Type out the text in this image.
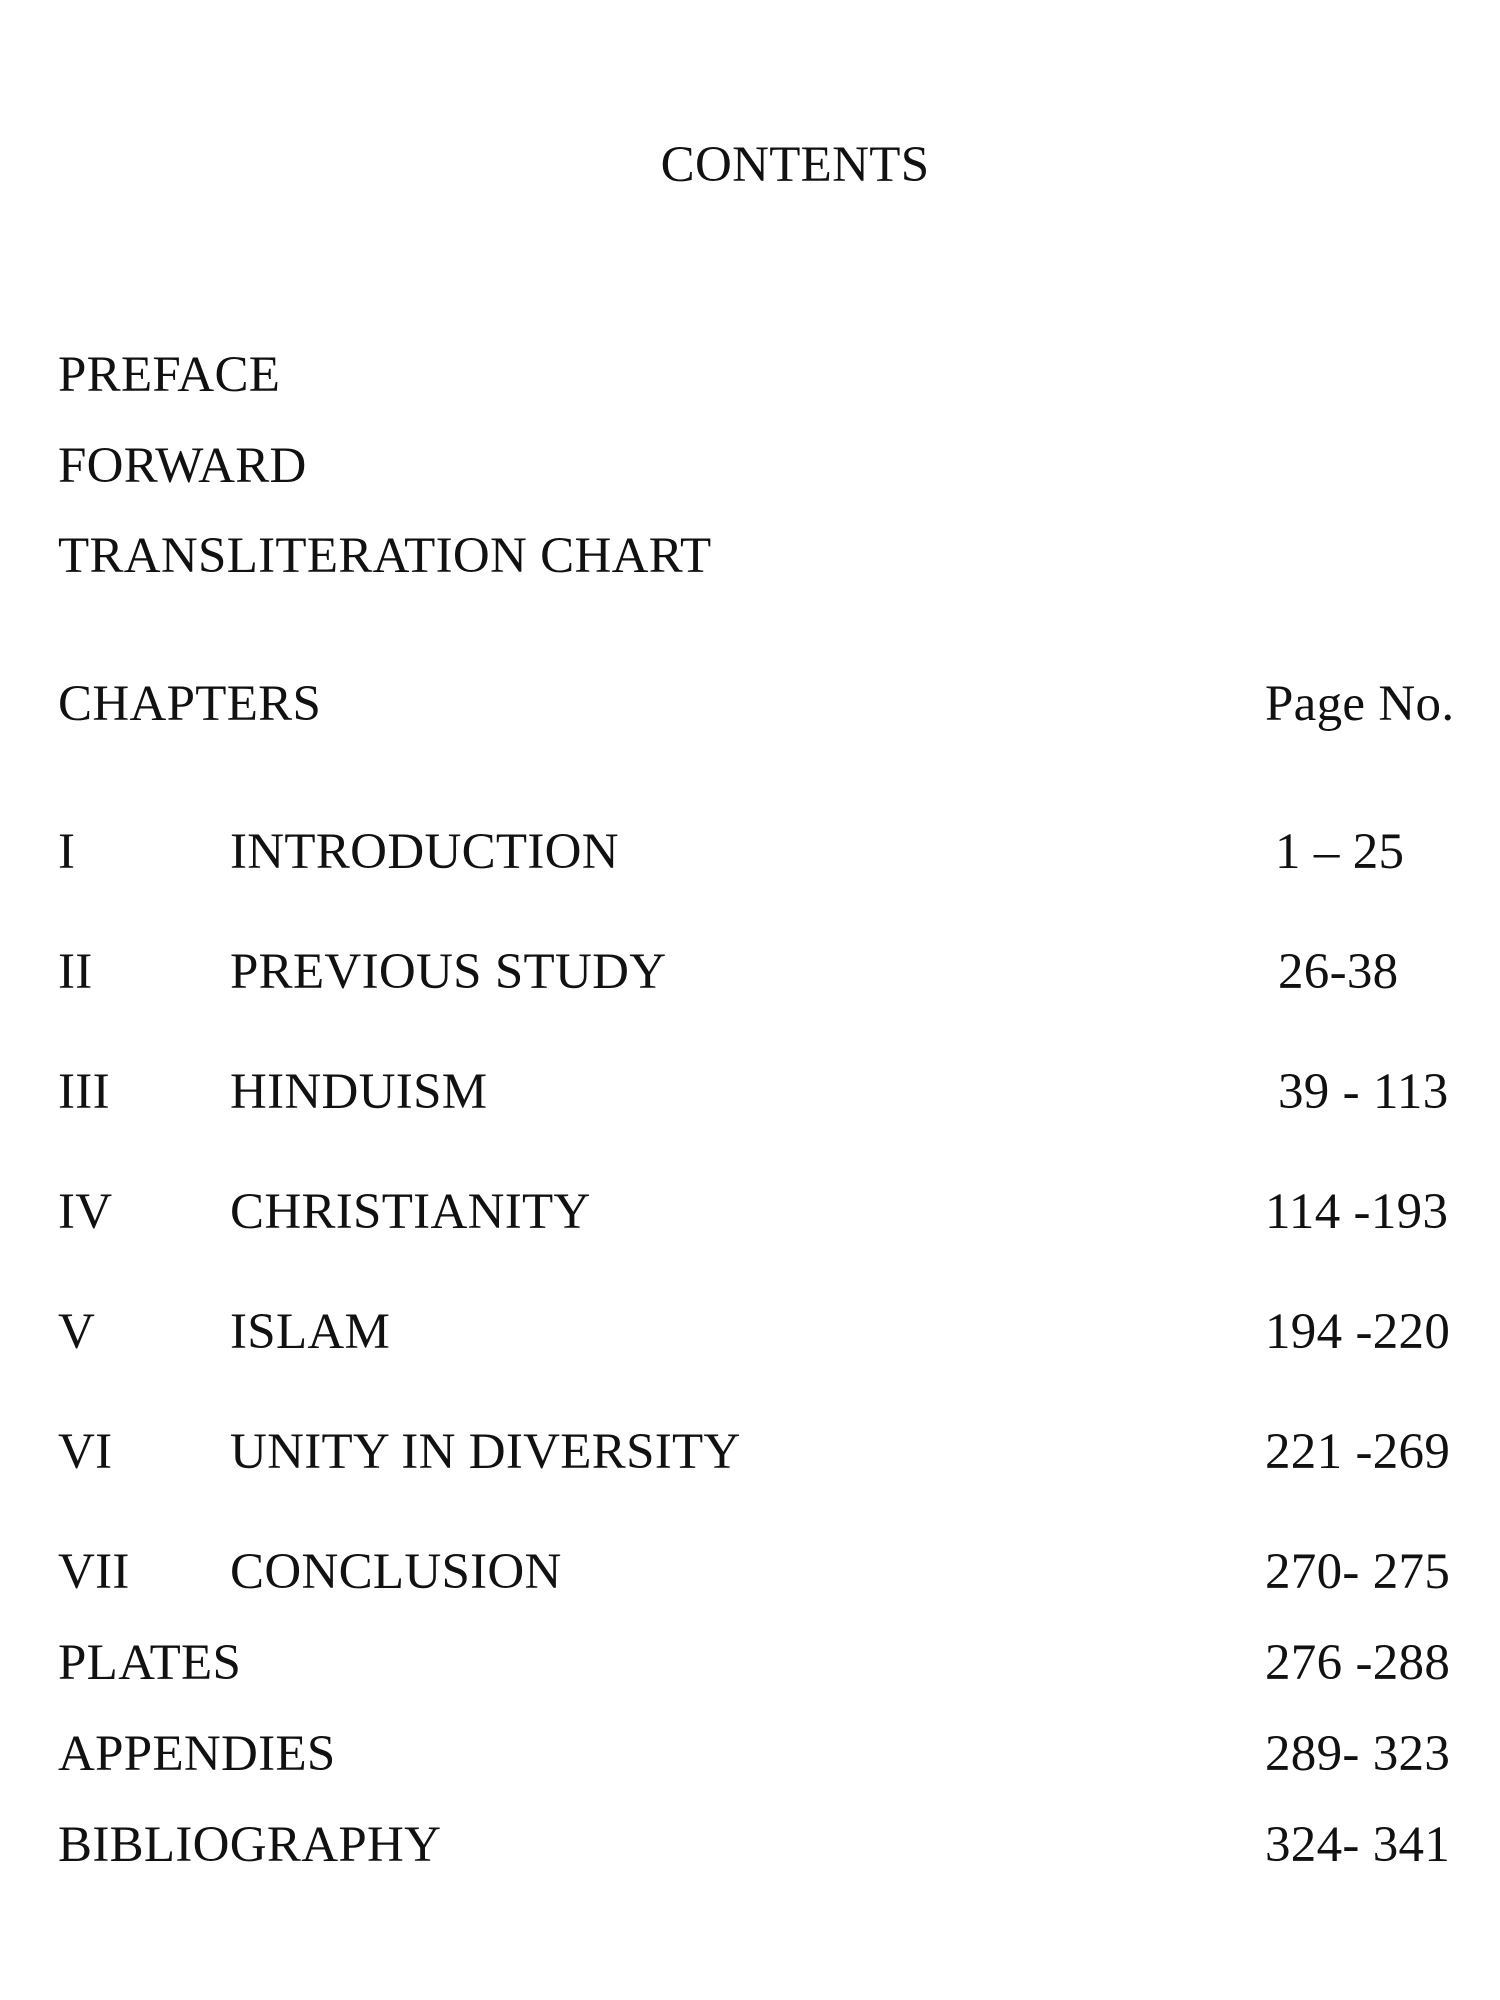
CONTENTS
PREFACE
FORWARD
TRANSLITERATION CHART
CHAPTERS	Page No.
I	INTRODUCTION	1 – 25
II	PREVIOUS STUDY	26-38
III HINDUISM	39 - 113
IV CHRISTIANITY	114 -193
V	ISLAM	194 -220
VI UNITY IN DIVERSITY	221 -269
VII CONCLUSION	270- 275
PLATES	276 -288
APPENDIES	289- 323
BIBLIOGRAPHY	324- 341
